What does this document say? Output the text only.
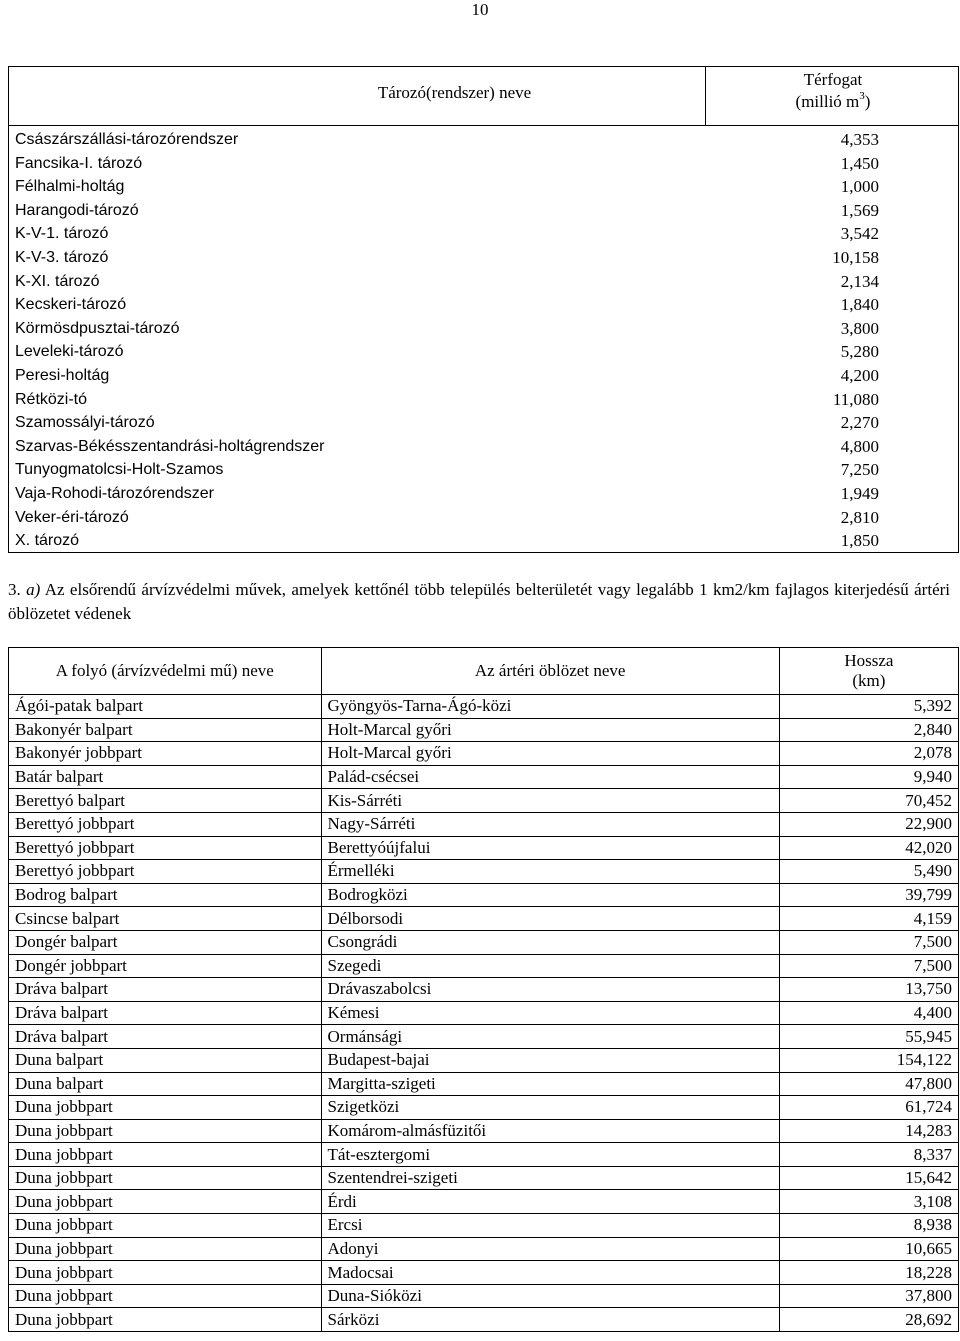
10
Tározó(rendszer) neve
Térfogat
(millió $m^3$)
Császárszállási-tározórendszer	4,353
Fancsika-I. tározó	1,450
Félhalmi-holtág	1,000
Harangodi-tározó	1,569
K-V-1. tározó	3,542
K-V-3. tározó	10,158
K-XI. tározó	2,134
Kecskeri-tározó	1,840
Körmösdpusztai-tározó	3,800
Leveleki-tározó	5,280
Peresi-holtág	4,200
Rétközi-tó	11,080
Szamossályi-tározó	2,270
Szarvas-Békésszentandrási-holtágrendszer	4,800
Tunyogmatolcsi-Holt-Szamos	7,250
Vaja-Rohodi-tározórendszer	1,949
Veker-éri-tározó	2,810
X. tározó	1,850
3. a) Az elsőrendű árvízvédelmi művek, amelyek kettőnél több település belterületét vagy legalább 1 km2/km fajlagos kiterjedésű ártéri öblözetet védenek
A folyó (árvízvédelmi mű) neve	Az ártéri öblözet neve	Hossza
(km)

Ágói-patak balpart	Gyöngyös-Tarna-Ágó-közi	5,392
Bakonyér balpart	Holt-Marcal győri	2,840
Bakonyér jobbpart	Holt-Marcal győri	2,078
Batár balpart	Palád-csécsei	9,940
Berettyó balpart	Kis-Sárréti	70,452
Berettyó jobbpart	Nagy-Sárréti	22,900
Berettyó jobbpart	Berettyóújfalui	42,020
Berettyó jobbpart	Érmelléki	5,490
Bodrog balpart	Bodrogközi	39,799
Csincse balpart	Délborsodi	4,159
Dongér balpart	Csongrádi	7,500
Dongér jobbpart	Szegedi	7,500
Dráva balpart	Drávaszabolcsi	13,750
Dráva balpart	Kémesi	4,400
Dráva balpart	Ormánsági	55,945
Duna balpart	Budapest-bajai	154,122
Duna balpart	Margitta-szigeti	47,800
Duna jobbpart	Szigetközi	61,724
Duna jobbpart	Komárom-almásfüzitői	14,283
Duna jobbpart	Tát-esztergomi	8,337
Duna jobbpart	Szentendrei-szigeti	15,642
Duna jobbpart	Érdi	3,108
Duna jobbpart	Ercsi	8,938
Duna jobbpart	Adonyi	10,665
Duna jobbpart	Madocsai	18,228
Duna jobbpart	Duna-Sióközi	37,800
Duna jobbpart	Sárközi	28,692
